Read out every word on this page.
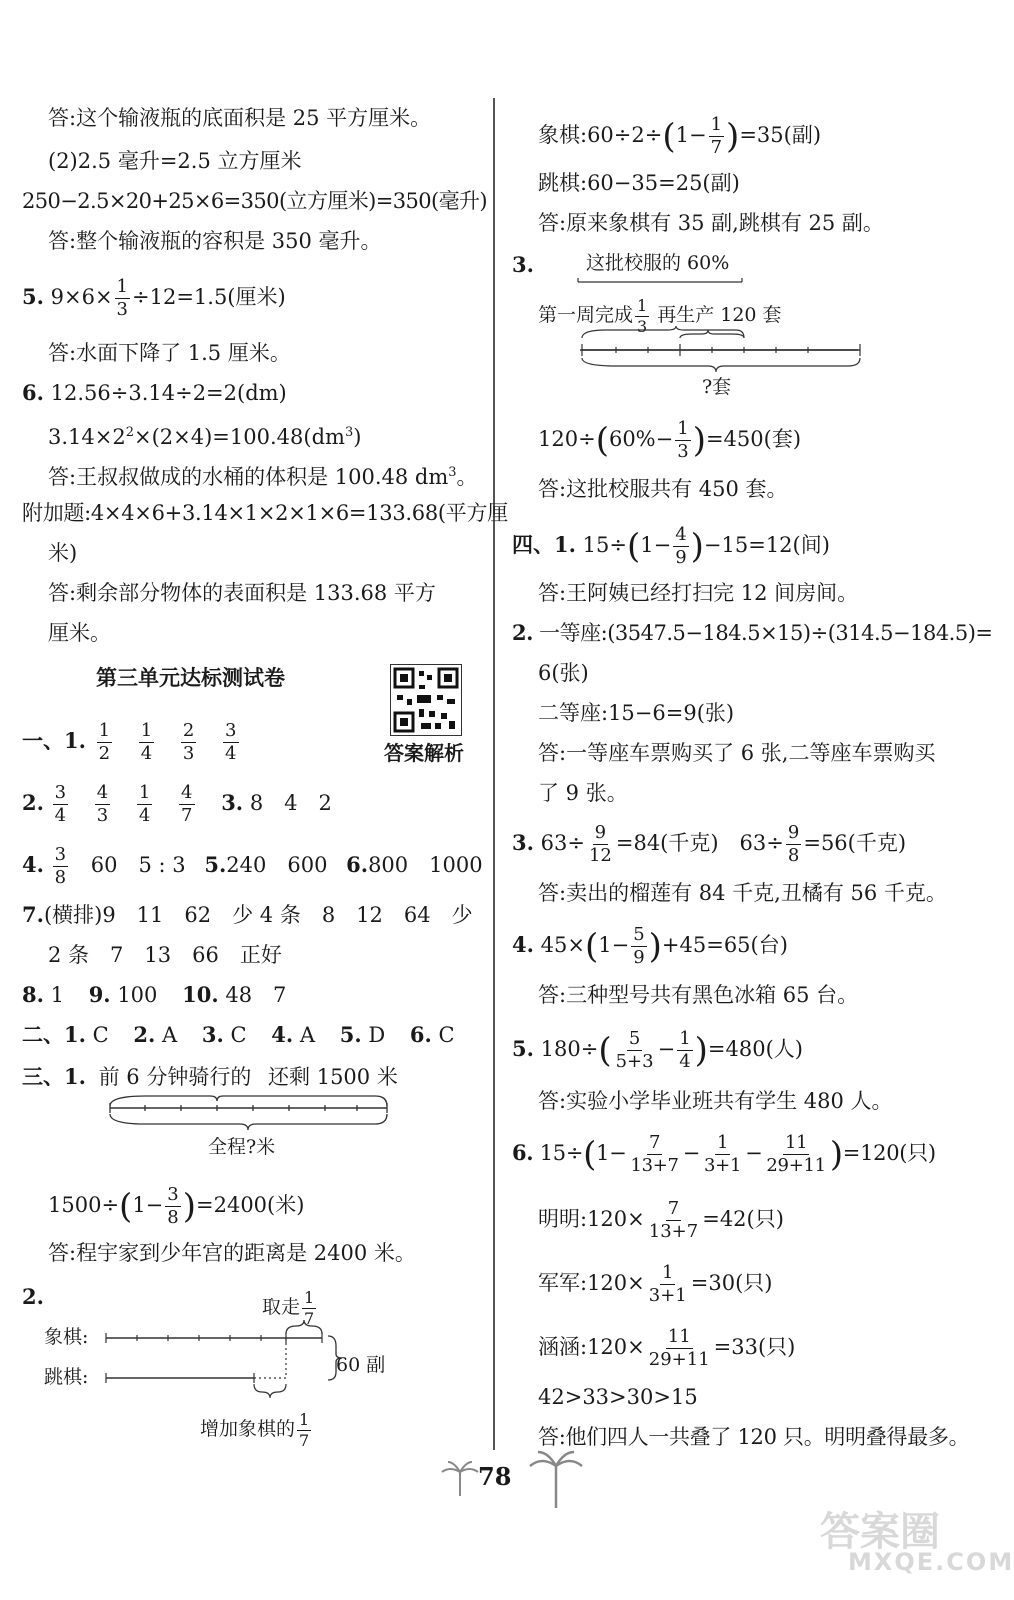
答:这个输液瓶的底面积是 25 平方厘米。
(2)2.5 毫升=2.5 立方厘米
250−2.5×20+25×6=350(立方厘米)=350(毫升)
答:整个输液瓶的容积是 350 毫升。
5. $9\times 6\times \frac{1}{3} \div 12=1.5$(厘米)
答:水面下降了 1.5 厘米。
6. 12.56÷3.14÷2=2(dm)
$3.14\times 2^2\times(2\times 4)=100.48(dm^3)$
答:王叔叔做成的水桶的体积是 100.48 $dm^3$。
附加题:4×4×6+3.14×1×2×1×6=133.68(平方厘
米)
答:剩余部分物体的表面积是 133.68 平方
厘米。
第三单元达标测试卷
答案解析
一、1. $\frac{1}{2}$
$\frac{1}{4}$
$\frac{2}{3}$
$\frac{3}{4}$
2. $\frac{3}{4}$
$\frac{4}{3}$
$\frac{1}{4}$
$\frac{4}{7} 3$. 8　4　2
4. $\frac{3}{8} 60$　5 : 3 5.240　600 6.800　1000
7.(横排)9　11　62　少 4 条　8　12　64　少
2 条　7　13　66　正好
8. 1 9. 100 10. 48　7
二、1. C 2. A 3. C 4. A 5. D 6. C
三、1. 前 6 分钟骑行的 还剩 1500 米
全程?米
$1500\div(1- \frac{3}{8} )=2400$(米)
答:程宇家到少年宫的距离是 2400 米。
2.	取走 $\frac{1}{7}$
象棋:
跳棋:
60 副
增加象棋的 $\frac{1}{7}$
象棋:60÷2÷(1− $\frac{1}{7} )=35$(副)
跳棋:60−35=25(副)
答:原来象棋有 35 副,跳棋有 25 副。
3.	这批校服的 60%
第一周完成 $\frac{1}{3}$ 再生产 120 套
?套
$120\div(60\%- \frac{1}{3} )=450$(套)
答:这批校服共有 450 套。
四、1. $15\div(1- \frac{4}{9} )-15=12$(间)
答:王阿姨已经打扫完 12 间房间。
2. 一等座:(3547.5−184.5×15)÷(314.5−184.5)=
6(张)
二等座:15−6=9(张)
答:一等座车票购买了 6 张,二等座车票购买
了 9 张。
3. $63\div \frac{9}{12} =84$(千克)　$63\div \frac{9}{8} =56$(千克)
答:卖出的榴莲有 84 千克,丑橘有 56 千克。
4. $45\times(1- \frac{5}{9} )+45=65$(台)
答:三种型号共有黑色冰箱 65 台。
5. $180\div( \frac{5}{5+3} - \frac{1}{4} )=480$(人)
答:实验小学毕业班共有学生 480 人。
6. $15\div(1- \frac{7}{13+7} - \frac{1}{3+1} - \frac{11}{29+11} )=120$(只)
明明:120× $\frac{7}{13+7} =42$(只)
军军:120× $\frac{1}{3+1} =30$(只)
涵涵:120× $\frac{11}{29+11} =33$(只)
42>33>30>15
答:他们四人一共叠了 120 只。明明叠得最多。
78
答案圈
MXQE.COM
